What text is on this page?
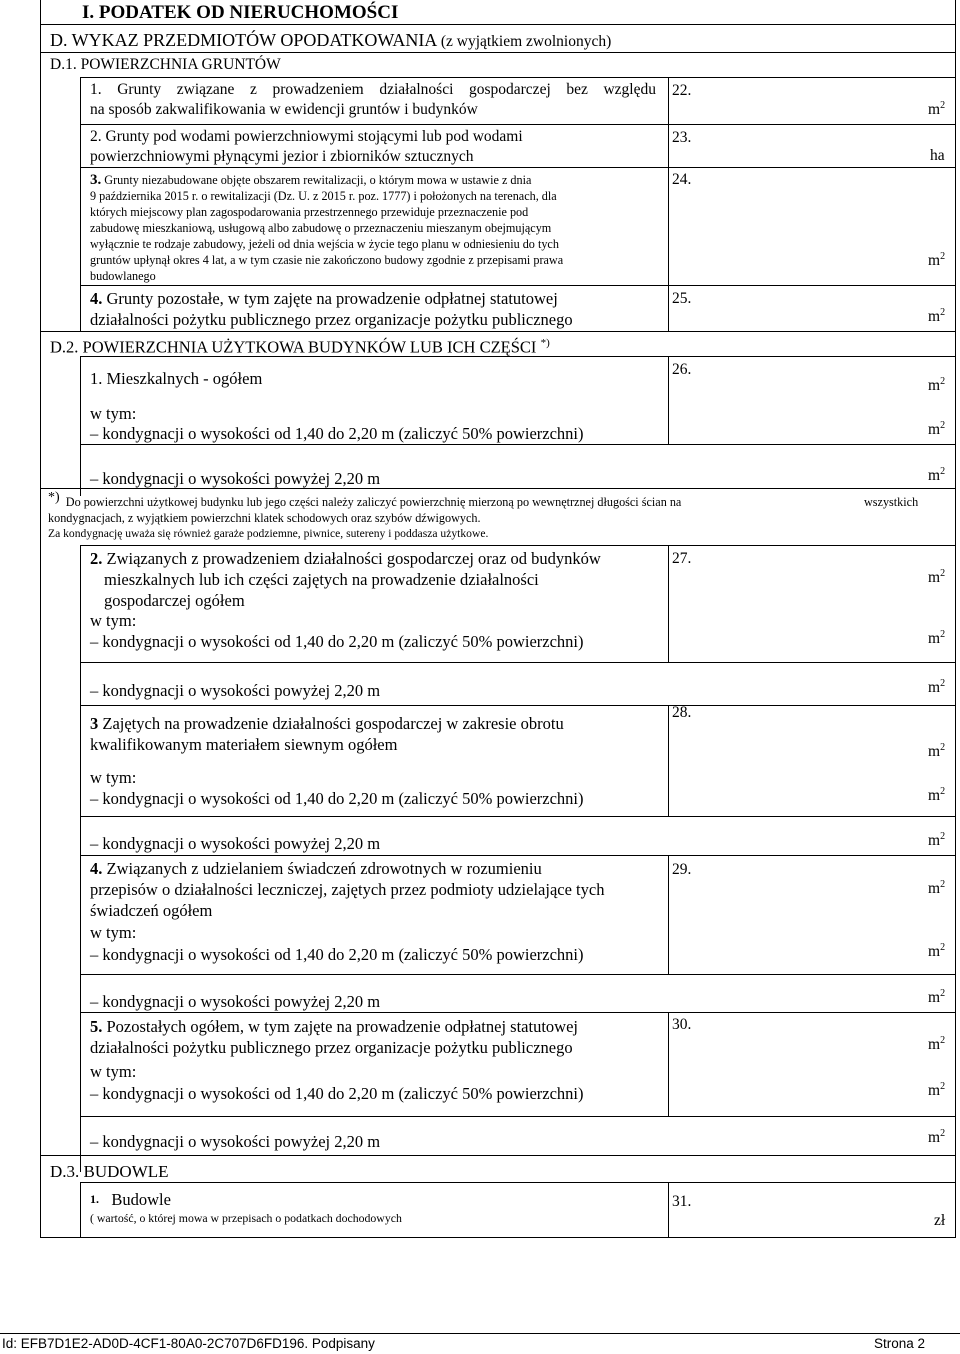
I. PODATEK OD NIERUCHOMOŚCI
D. WYKAZ PRZEDMIOTÓW OPODATKOWANIA (z wyjątkiem zwolnionych)
D.1. POWIERZCHNIA GRUNTÓW
1. Grunty związane z prowadzeniem działalności gospodarczej bez względu
na sposób zakwalifikowania w ewidencji gruntów i budynków
22.
$m^2$
2. Grunty pod wodami powierzchniowymi stojącymi lub pod wodami
powierzchniowymi płynącymi jezior i zbiorników sztucznych
23.
ha
3. Grunty niezabudowane objęte obszarem rewitalizacji, o którym mowa w ustawie z dnia
9 października 2015 r. o rewitalizacji (Dz. U. z 2015 r. poz. 1777) i położonych na terenach, dla
których miejscowy plan zagospodarowania przestrzennego przewiduje przeznaczenie pod
zabudowę mieszkaniową, usługową albo zabudowę o przeznaczeniu mieszanym obejmującym
wyłącznie te rodzaje zabudowy, jeżeli od dnia wejścia w życie tego planu w odniesieniu do tych
gruntów upłynął okres 4 lat, a w tym czasie nie zakończono budowy zgodnie z przepisami prawa
budowlanego
24.
$m^2$
4. Grunty pozostałe, w tym zajęte na prowadzenie odpłatnej statutowej
działalności pożytku publicznego przez organizacje pożytku publicznego
25.
$m^2$
D.2. POWIERZCHNIA UŻYTKOWA BUDYNKÓW LUB ICH CZĘŚCI *)
1. Mieszkalnych - ogółem	26.
$m^2$
w tym:
– kondygnacji o wysokości od 1,40 do 2,20 m (zaliczyć 50% powierzchni)	$m^2$
– kondygnacji o wysokości powyżej 2,20 m	$m^2$
*) Do powierzchni użytkowej budynku lub jego części należy zaliczyć powierzchnię mierzoną po wewnętrznej długości ścian na	wszystkich
kondygnacjach, z wyjątkiem powierzchni klatek schodowych oraz szybów dźwigowych.
Za kondygnację uważa się również garaże podziemne, piwnice, sutereny i poddasza użytkowe.
2. Związanych z prowadzeniem działalności gospodarczej oraz od budynków
mieszkalnych lub ich części zajętych na prowadzenie działalności
gospodarczej ogółem
27.
$m^2$
w tym:
– kondygnacji o wysokości od 1,40 do 2,20 m (zaliczyć 50% powierzchni)	$m^2$
– kondygnacji o wysokości powyżej 2,20 m	$m^2$
3 Zajętych na prowadzenie działalności gospodarczej w zakresie obrotu
kwalifikowanym materiałem siewnym ogółem
28.
$m^2$
w tym:
– kondygnacji o wysokości od 1,40 do 2,20 m (zaliczyć 50% powierzchni)	$m^2$
– kondygnacji o wysokości powyżej 2,20 m	$m^2$
4. Związanych z udzielaniem świadczeń zdrowotnych w rozumieniu
przepisów o działalności leczniczej, zajętych przez podmioty udzielające tych
świadczeń ogółem
29.
$m^2$
w tym:
– kondygnacji o wysokości od 1,40 do 2,20 m (zaliczyć 50% powierzchni)	$m^2$
– kondygnacji o wysokości powyżej 2,20 m	$m^2$
5. Pozostałych ogółem, w tym zajęte na prowadzenie odpłatnej statutowej
działalności pożytku publicznego przez organizacje pożytku publicznego
30.
$m^2$
w tym:
– kondygnacji o wysokości od 1,40 do 2,20 m (zaliczyć 50% powierzchni)	$m^2$
– kondygnacji o wysokości powyżej 2,20 m	$m^2$
D.3. BUDOWLE
$^{1.}$ Budowle
( wartość, o której mowa w przepisach o podatkach dochodowych
31.
zł
Id: EFB7D1E2-AD0D-4CF1-80A0-2C707D6FD196. Podpisany	Strona 2
